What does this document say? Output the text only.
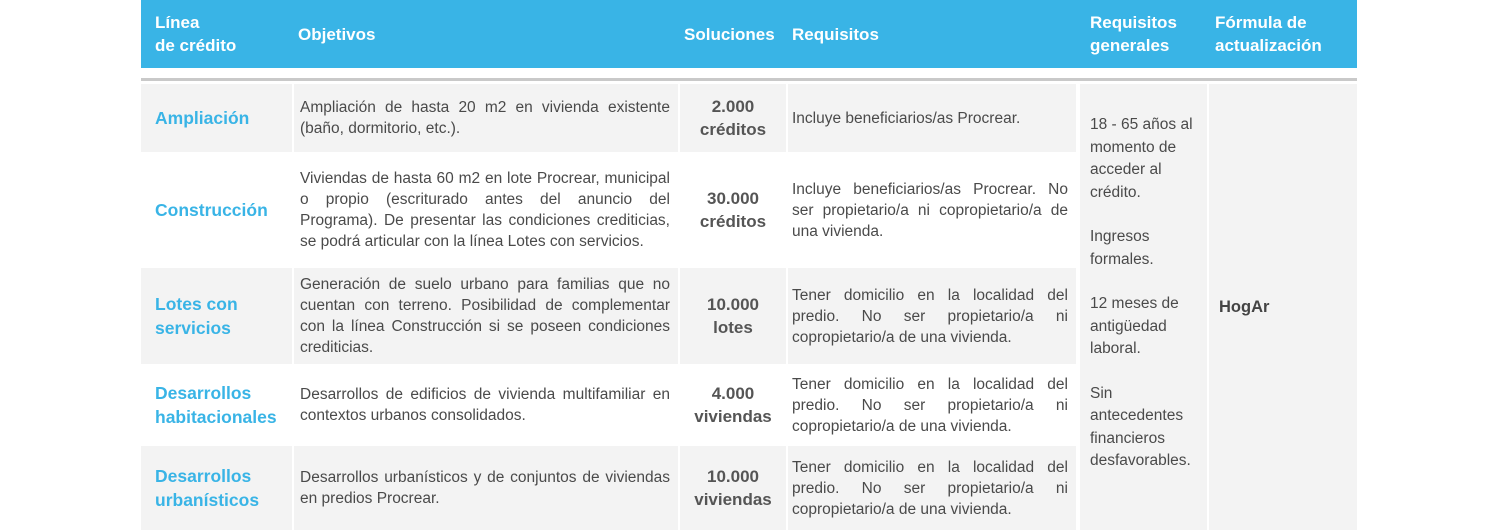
Línea
de crédito
Objetivos	Soluciones Requisitos
Requisitos
generales
Fórmula de
actualización
Ampliación
Ampliación de hasta 20 m2 en vivienda existente (baño, dormitorio, etc.).
2.000
créditos
Incluye beneficiarios/as Procrear.
Construcción
Viviendas de hasta 60 m2 en lote Procrear, municipal o propio (escriturado antes del anuncio del Programa). De presentar las condiciones crediticias, se podrá articular con la línea Lotes con servicios.
30.000
créditos
Incluye beneficiarios/as Procrear. No ser propietario/a ni copropietario/a de una vivienda.
Lotes con
servicios
Generación de suelo urbano para familias que no cuentan con terreno. Posibilidad de complementar con la línea Construcción si se poseen condiciones crediticias.
10.000
lotes
Tener domicilio en la localidad del predio. No ser propietario/a ni copropietario/a de una vivienda.
Desarrollos
habitacionales
Desarrollos de edificios de vivienda multifamiliar en contextos urbanos consolidados.
4.000
viviendas
Tener domicilio en la localidad del predio. No ser propietario/a ni copropietario/a de una vivienda.
Desarrollos
urbanísticos
Desarrollos urbanísticos y de conjuntos de viviendas en predios Procrear.
10.000
viviendas
Tener domicilio en la localidad del predio. No ser propietario/a ni copropietario/a de una vivienda.
18 - 65 años al
momento de
acceder al
crédito.
Ingresos
formales.
12 meses de
antigüedad
laboral.
Sin
antecedentes
financieros
desfavorables.
HogAr
